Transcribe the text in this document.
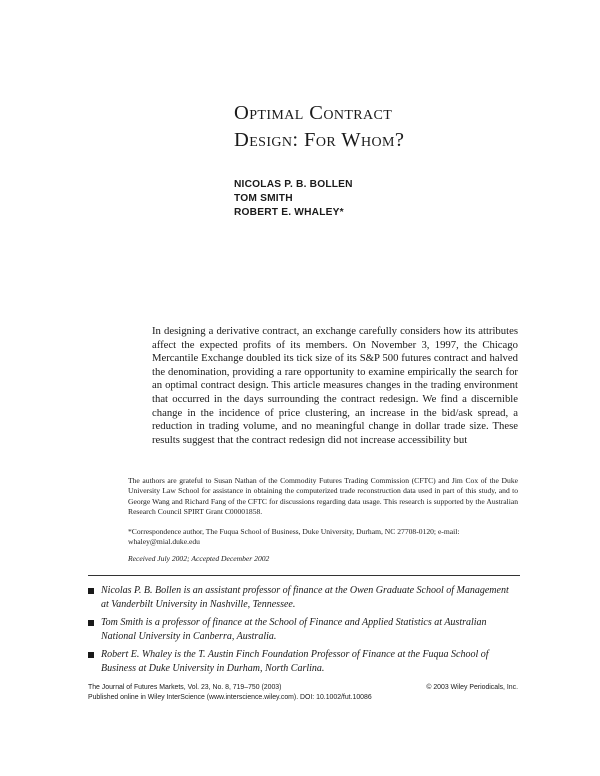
Optimal Contract
Design: For Whom?
NICOLAS P. B. BOLLEN
TOM SMITH
ROBERT E. WHALEY*

In designing a derivative contract, an exchange carefully considers how its attributes affect the expected profits of its members. On November 3, 1997, the Chicago Mercantile Exchange doubled its tick size of its S&P 500 futures contract and halved the denomination, providing a rare opportunity to examine empirically the search for an optimal contract design. This article measures changes in the trading environment that occurred in the days surrounding the contract redesign. We find a discernible change in the incidence of price clustering, an increase in the bid/ask spread, a reduction in trading volume, and no meaningful change in dollar trade size. These results suggest that the contract redesign did not increase accessibility but

The authors are grateful to Susan Nathan of the Commodity Futures Trading Commission (CFTC) and Jim Cox of the Duke University Law School for assistance in obtaining the computerized trade reconstruction data used in part of this study, and to George Wang and Richard Fang of the CFTC for discussions regarding data usage. This research is supported by the Australian Research Council SPIRT Grant C00001858.

*Correspondence author, The Fuqua School of Business, Duke University, Durham, NC 27708-0120; e-mail: whaley@mial.duke.edu

Received July 2002; Accepted December 2002
Nicolas P. B. Bollen is an assistant professor of finance at the Owen Graduate School of Management at Vanderbilt University in Nashville, Tennessee.
Tom Smith is a professor of finance at the School of Finance and Applied Statistics at Australian National University in Canberra, Australia.
Robert E. Whaley is the T. Austin Finch Foundation Professor of Finance at the Fuqua School of Business at Duke University in Durham, North Carlina.
The Journal of Futures Markets, Vol. 23, No. 8, 719–750 (2003)	© 2003 Wiley Periodicals, Inc.
Published online in Wiley InterScience (www.interscience.wiley.com). DOI: 10.1002/fut.10086
